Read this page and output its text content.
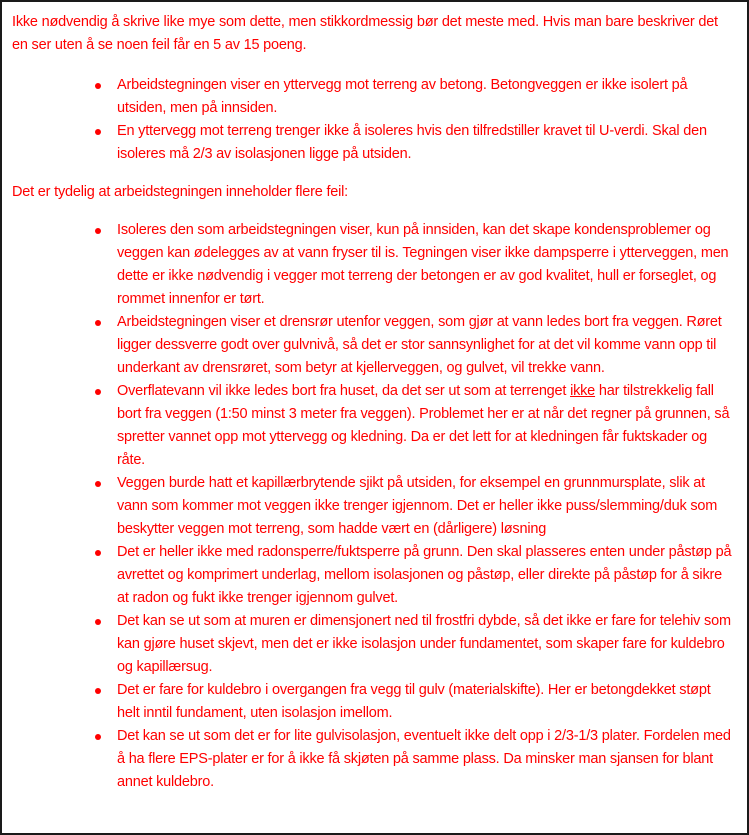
Ikke nødvendig å skrive like mye som dette, men stikkordmessig bør det meste med. Hvis man bare beskriver det en ser uten å se noen feil får en 5 av 15 poeng.

Arbeidstegningen viser en yttervegg mot terreng av betong. Betongveggen er ikke isolert på utsiden, men på innsiden.
En yttervegg mot terreng trenger ikke å isoleres hvis den tilfredstiller kravet til U-verdi. Skal den isoleres må 2/3 av isolasjonen ligge på utsiden.

Det er tydelig at arbeidstegningen inneholder flere feil:

Isoleres den som arbeidstegningen viser, kun på innsiden, kan det skape kondensproblemer og veggen kan ødelegges av at vann fryser til is. Tegningen viser ikke dampsperre i ytterveggen, men dette er ikke nødvendig i vegger mot terreng der betongen er av god kvalitet, hull er forseglet, og rommet innenfor er tørt.
Arbeidstegningen viser et drensrør utenfor veggen, som gjør at vann ledes bort fra veggen. Røret ligger dessverre godt over gulvnivå, så det er stor sannsynlighet for at det vil komme vann opp til underkant av drensrøret, som betyr at kjellerveggen, og gulvet, vil trekke vann.
Overflatevann vil ikke ledes bort fra huset, da det ser ut som at terrenget ikke har tilstrekkelig fall bort fra veggen (1:50 minst 3 meter fra veggen). Problemet her er at når det regner på grunnen, så spretter vannet opp mot yttervegg og kledning. Da er det lett for at kledningen får fuktskader og råte.
Veggen burde hatt et kapillærbrytende sjikt på utsiden, for eksempel en grunnmursplate, slik at vann som kommer mot veggen ikke trenger igjennom. Det er heller ikke puss/slemming/duk som beskytter veggen mot terreng, som hadde vært en (dårligere) løsning
Det er heller ikke med radonsperre/fuktsperre på grunn. Den skal plasseres enten under påstøp på avrettet og komprimert underlag, mellom isolasjonen og påstøp, eller direkte på påstøp for å sikre at radon og fukt ikke trenger igjennom gulvet.
Det kan se ut som at muren er dimensjonert ned til frostfri dybde, så det ikke er fare for telehiv som kan gjøre huset skjevt, men det er ikke isolasjon under fundamentet, som skaper fare for kuldebro og kapillærsug.
Det er fare for kuldebro i overgangen fra vegg til gulv (materialskifte). Her er betongdekket støpt helt inntil fundament, uten isolasjon imellom.
Det kan se ut som det er for lite gulvisolasjon, eventuelt ikke delt opp i 2/3-1/3 plater. Fordelen med å ha flere EPS-plater er for å ikke få skjøten på samme plass. Da minsker man sjansen for blant annet kuldebro.
